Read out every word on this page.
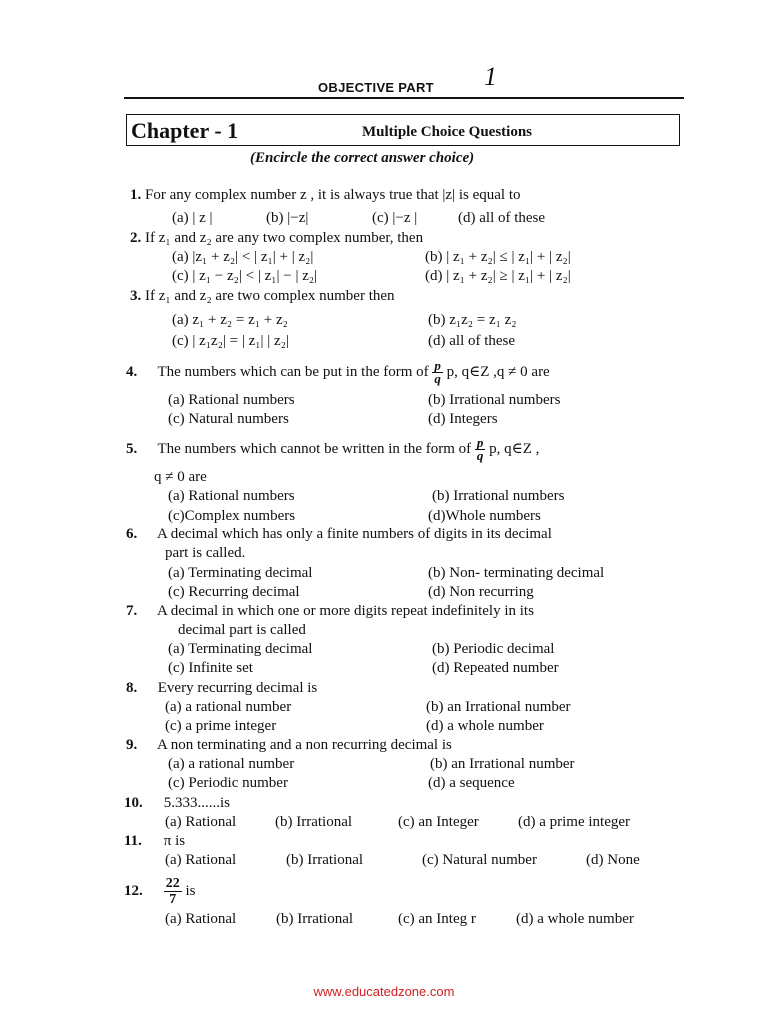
OBJECTIVE PART 1
Chapter - 1	Multiple Choice Questions
(Encircle the correct answer choice)
1. For any complex number z , it is always true that |z| is equal to
(a) | z |	(b) |−z|	(c) |−z |	(d) all of these
2. If z₁ and z₂ are any two complex number, then
(a) |z₁ + z₂| < | z₁| + | z₂|	(b) | z₁ + z₂| ≤ | z₁| + | z₂|
(c) | z₁ − z₂| < | z₁| − | z₂|	(d) | z₁ + z₂| ≥ | z₁| + | z₂|
3. If z₁ and z₂ are two complex number then
(a) z₁ + z₂ = z₁ + z₂	(b) z₁z₂ = z₁ z₂
(c) | z₁z₂| = | z₁| | z₂|	(d) all of these
4. The numbers which can be put in the form of $\frac{p}{q} p$, q∈Z ,q ≠ 0 are
(a) Rational numbers	(b) Irrational numbers
(c) Natural numbers	(d) Integers
5. The numbers which cannot be written in the form of $\frac{p}{q} p$, q∈Z ,
q ≠ 0 are
(a) Rational numbers	(b) Irrational numbers
(c)Complex numbers	(d)Whole numbers
6. A decimal which has only a finite numbers of digits in its decimal
part is called.
(a) Terminating decimal	(b) Non- terminating decimal
(c) Recurring decimal	(d) Non recurring
7. A decimal in which one or more digits repeat indefinitely in its
decimal part is called
(a) Terminating decimal	(b) Periodic decimal
(c) Infinite set	(d) Repeated number
8. Every recurring decimal is
(a) a rational number	(b) an Irrational number
(c) a prime integer	(d) a whole number
9. A non terminating and a non recurring decimal is
(a) a rational number	(b) an Irrational number
(c) Periodic number	(d) a sequence
10. 5.333......is
(a) Rational	(b) Irrational	(c) an Integer	(d) a prime integer
11. π is
(a) Rational	(b) Irrational	(c) Natural number	(d) None
12. $\frac{22}{7}$ is
(a) Rational	(b) Irrational	(c) an Integ r	(d) a whole number
www.educatedzone.com
